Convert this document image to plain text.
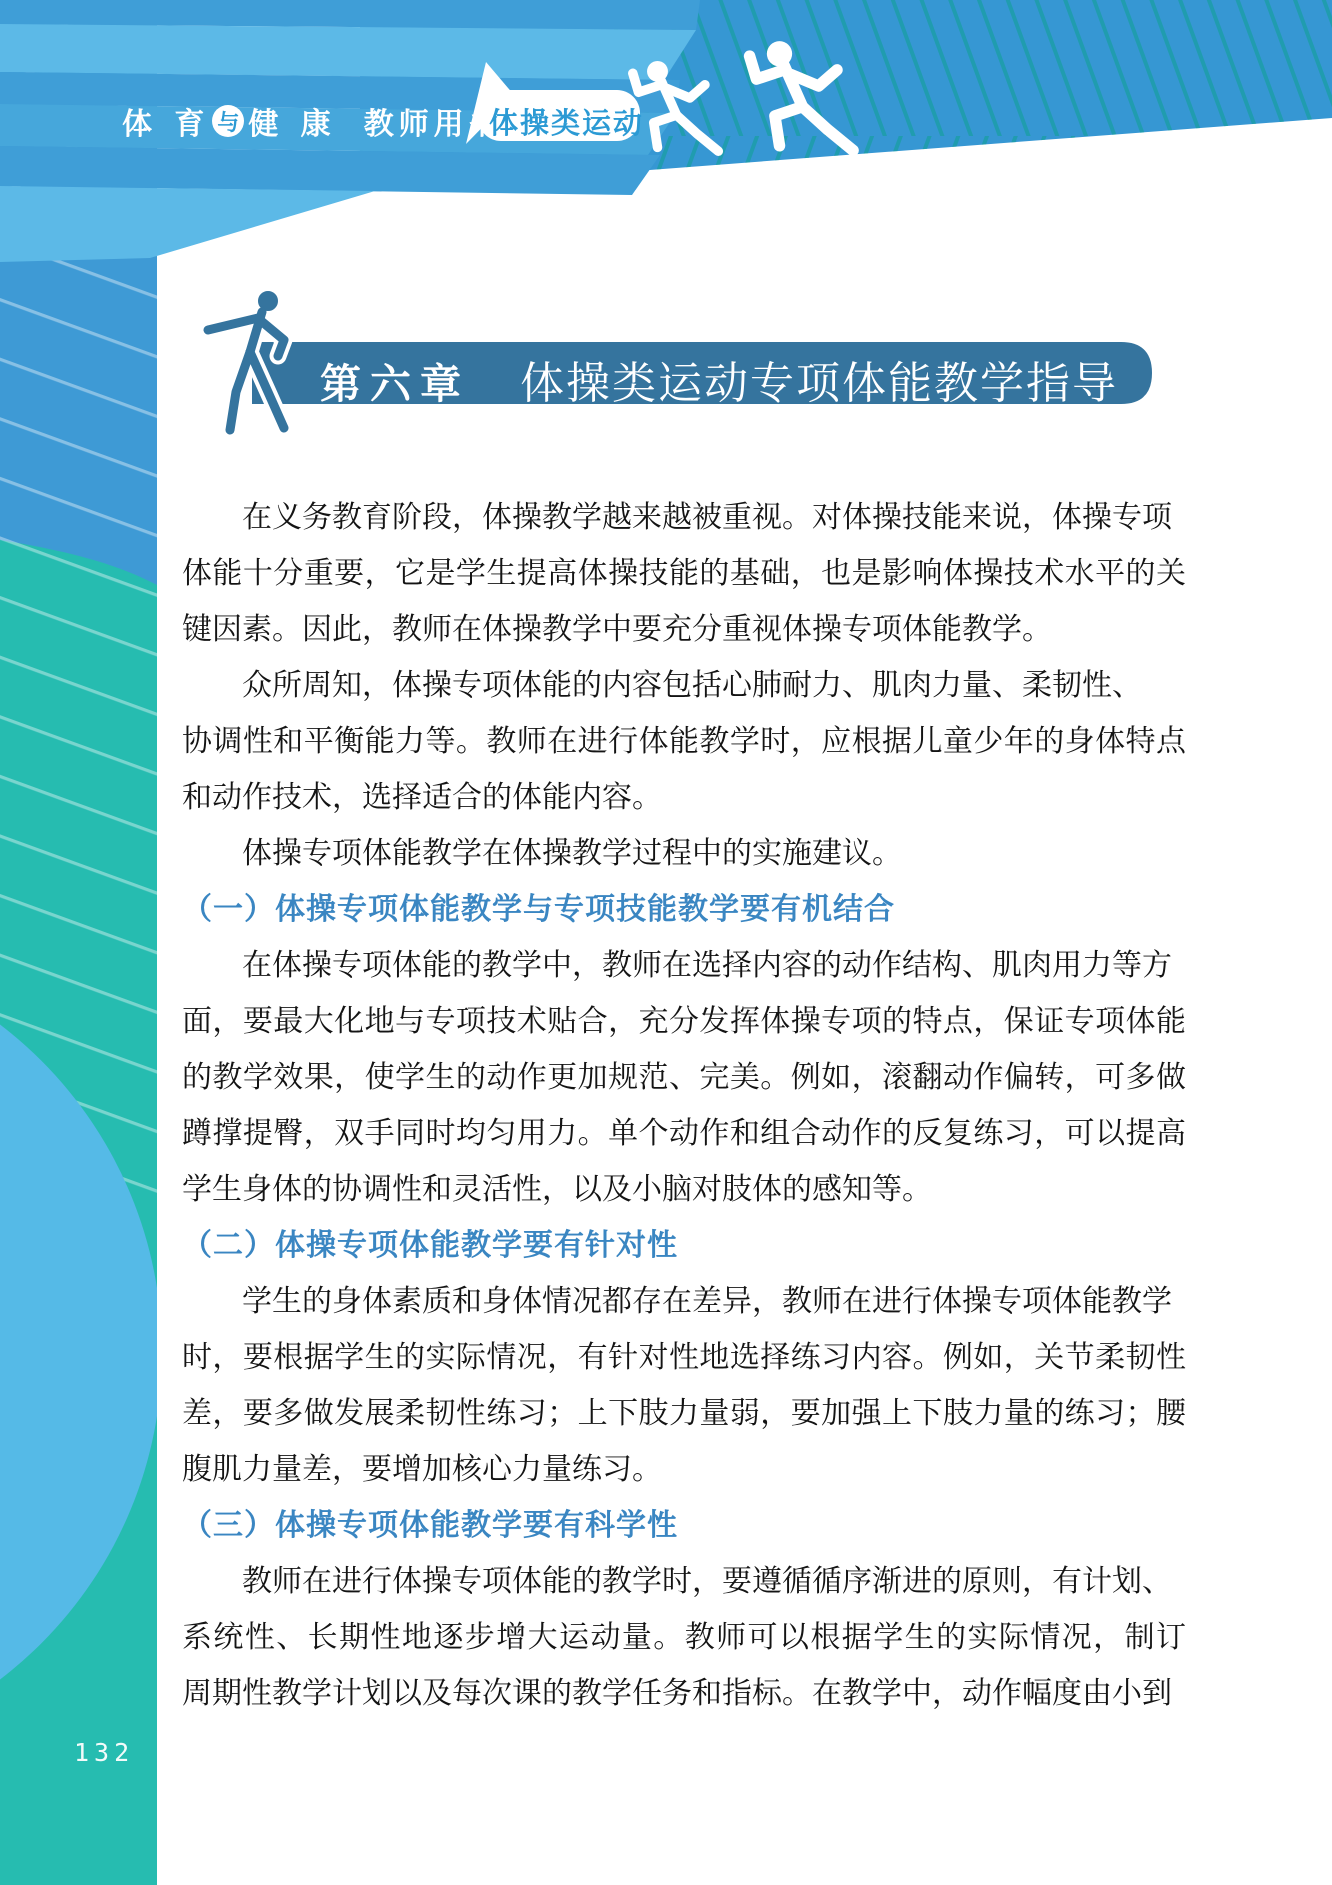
体 育 与 健 康 教师用书
体操类运动
第六章 体操类运动专项体能教学指导
在义务教育阶段，体操教学越来越被重视。对体操技能来说，体操专项
体能十分重要，它是学生提高体操技能的基础，也是影响体操技术水平的关
键因素。因此，教师在体操教学中要充分重视体操专项体能教学。
众所周知，体操专项体能的内容包括心肺耐力、肌肉力量、柔韧性、
协调性和平衡能力等。教师在进行体能教学时，应根据儿童少年的身体特点
和动作技术，选择适合的体能内容。
体操专项体能教学在体操教学过程中的实施建议。
（一）体操专项体能教学与专项技能教学要有机结合
在体操专项体能的教学中，教师在选择内容的动作结构、肌肉用力等方
面，要最大化地与专项技术贴合，充分发挥体操专项的特点，保证专项体能
的教学效果，使学生的动作更加规范、完美。例如，滚翻动作偏转，可多做
蹲撑提臀，双手同时均匀用力。单个动作和组合动作的反复练习，可以提高
学生身体的协调性和灵活性，以及小脑对肢体的感知等。
（二）体操专项体能教学要有针对性
学生的身体素质和身体情况都存在差异，教师在进行体操专项体能教学
时，要根据学生的实际情况，有针对性地选择练习内容。例如，关节柔韧性
差，要多做发展柔韧性练习；上下肢力量弱，要加强上下肢力量的练习；腰
腹肌力量差，要增加核心力量练习。
（三）体操专项体能教学要有科学性
教师在进行体操专项体能的教学时，要遵循循序渐进的原则，有计划、
系统性、长期性地逐步增大运动量。教师可以根据学生的实际情况，制订
周期性教学计划以及每次课的教学任务和指标。在教学中，动作幅度由小到
132
